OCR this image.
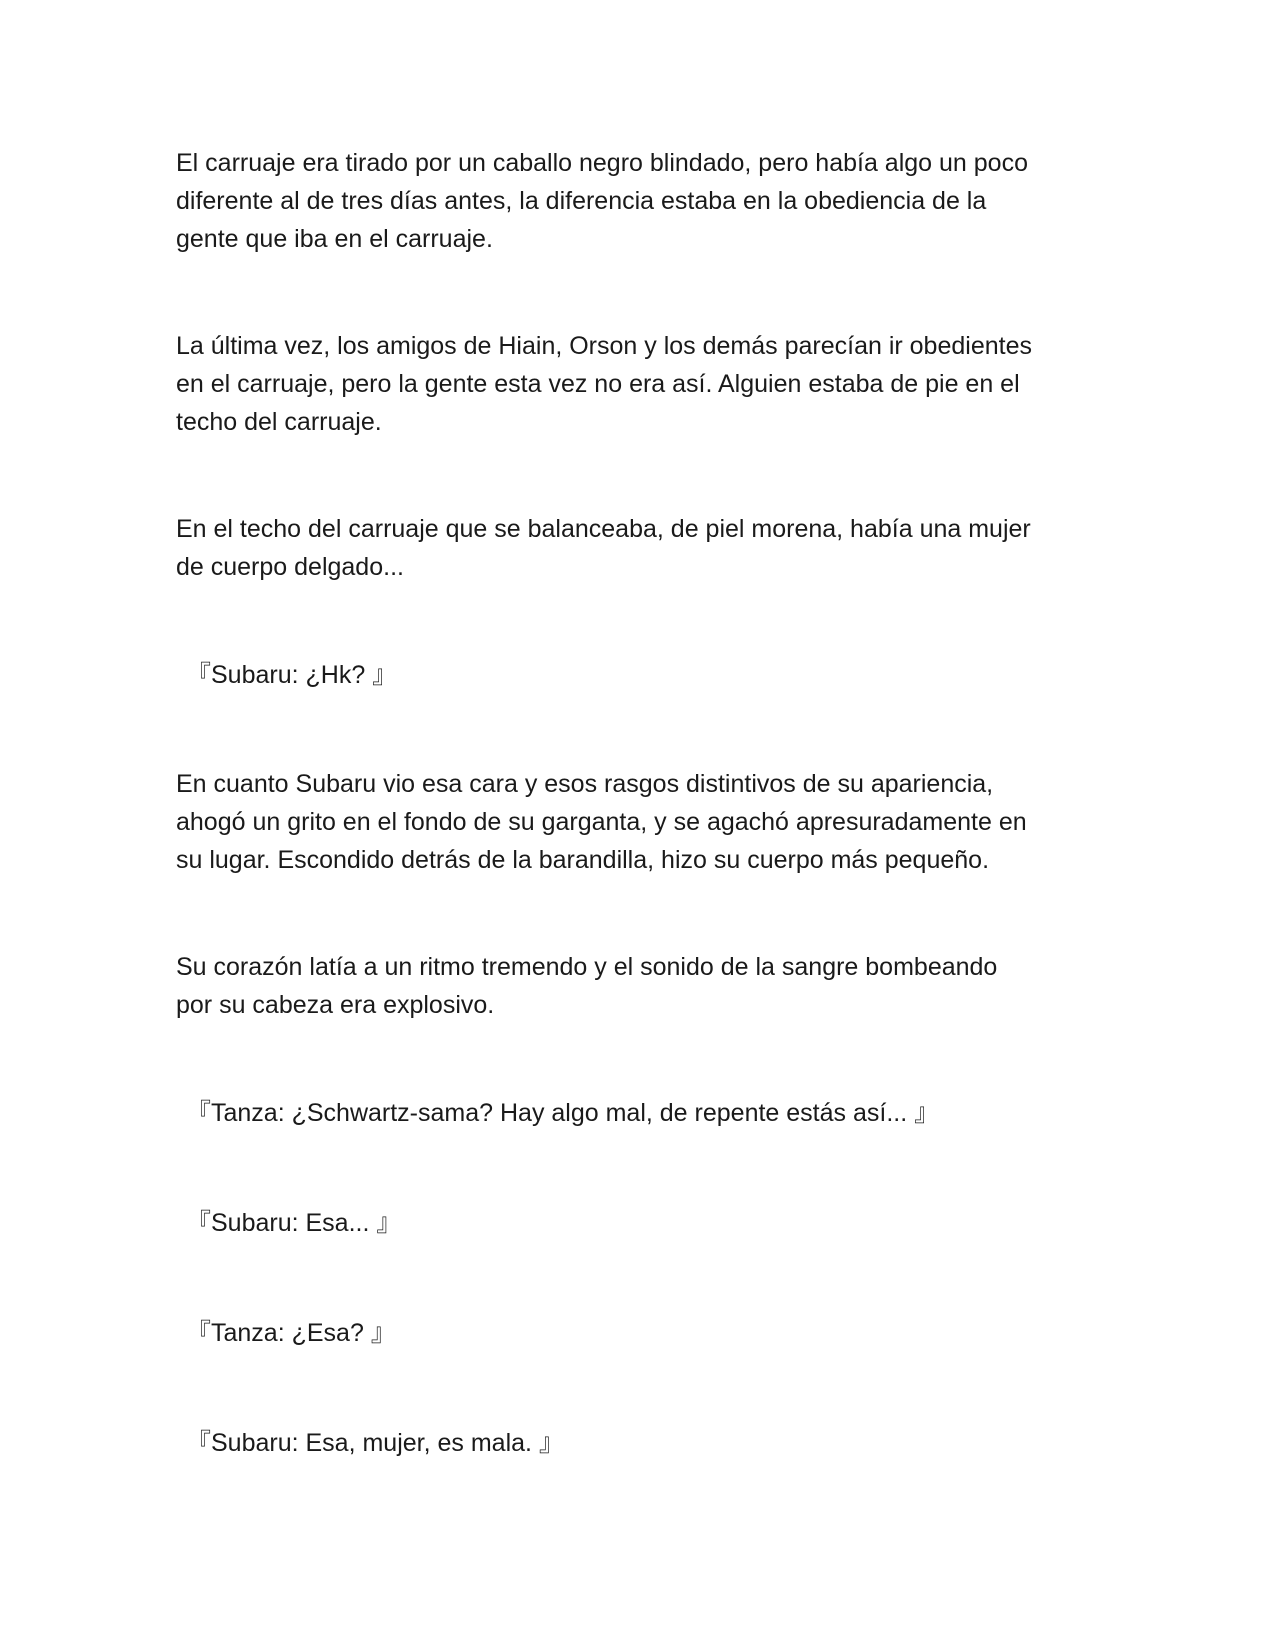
El carruaje era tirado por un caballo negro blindado, pero había algo un poco
diferente al de tres días antes, la diferencia estaba en la obediencia de la
gente que iba en el carruaje.

La última vez, los amigos de Hiain, Orson y los demás parecían ir obedientes
en el carruaje, pero la gente esta vez no era así. Alguien estaba de pie en el
techo del carruaje.

En el techo del carruaje que se balanceaba, de piel morena, había una mujer
de cuerpo delgado...

『Subaru: ¿Hk? 』

En cuanto Subaru vio esa cara y esos rasgos distintivos de su apariencia,
ahogó un grito en el fondo de su garganta, y se agachó apresuradamente en
su lugar. Escondido detrás de la barandilla, hizo su cuerpo más pequeño.

Su corazón latía a un ritmo tremendo y el sonido de la sangre bombeando
por su cabeza era explosivo.

『Tanza: ¿Schwartz-sama? Hay algo mal, de repente estás así... 』

『Subaru: Esa... 』

『Tanza: ¿Esa? 』

『Subaru: Esa, mujer, es mala. 』
